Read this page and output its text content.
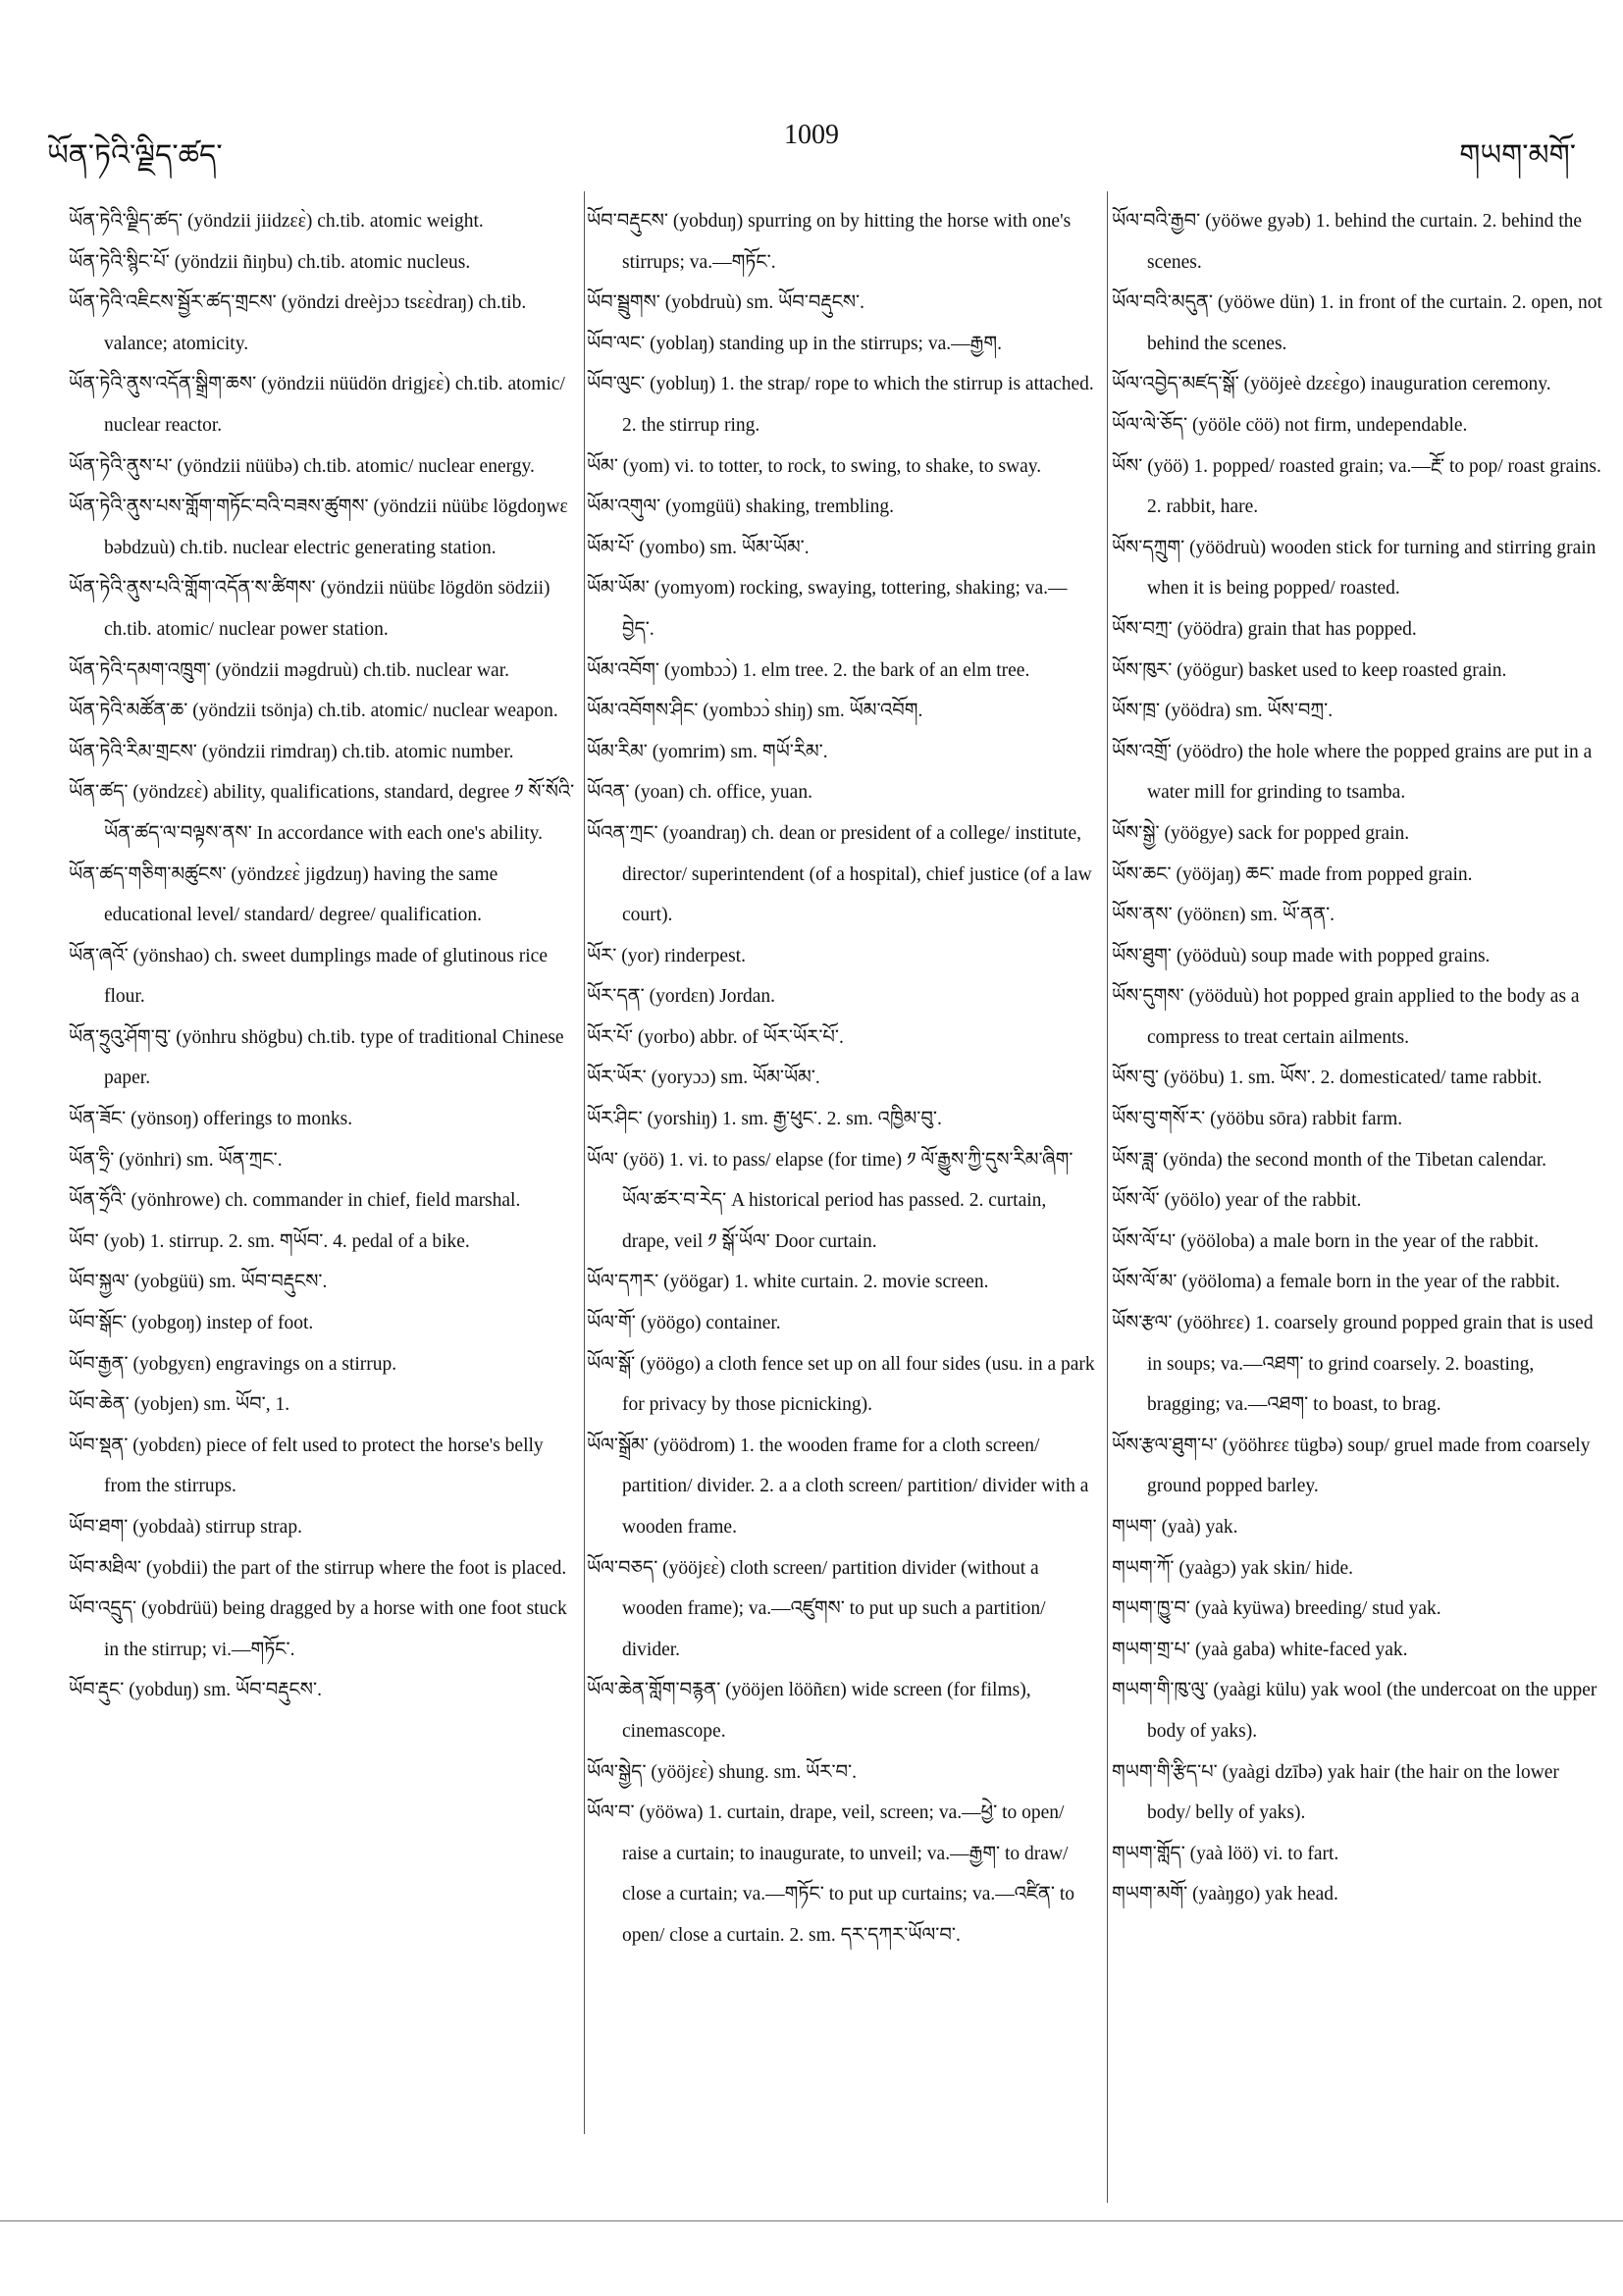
ཡོན་ཏེའི་ལྗིད་ཚད་
1009
གཡག་མགོ་

ཡོན་ཏེའི་ལྗིད་ཚད་ (yöndzii jiidzɛɛ̀) ch.tib. atomic weight.

ཡོན་ཏེའི་སྙིང་པོ་ (yöndzii ñiŋbu) ch.tib. atomic nucleus.

ཡོན་ཏེའི་འཇིངས་སྦྱོར་ཚད་གྲངས་ (yöndzi dreèjɔɔ tsɛɛ̀draŋ) ch.tib. valance; atomicity.

ཡོན་ཏེའི་ནུས་འདོན་སྒྲིག་ཆས་ (yöndzii nüüdön drigjɛɛ̀) ch.tib. atomic/ nuclear reactor.

ཡོན་ཏེའི་ནུས་པ་ (yöndzii nüübə) ch.tib. atomic/ nuclear energy.

ཡོན་ཏེའི་ནུས་པས་གློག་གཏོང་བའི་བཟས་ཚུགས་ (yöndzii nüübɛ lögdoŋwɛ bəbdzuù) ch.tib. nuclear electric generating station.

ཡོན་ཏེའི་ནུས་པའི་གློག་འདོན་ས་ཚིགས་ (yöndzii nüübɛ lögdön södzii) ch.tib. atomic/ nuclear power station.

ཡོན་ཏེའི་དམག་འཁྲུག་ (yöndzii məgdruù) ch.tib. nuclear war.

ཡོན་ཏེའི་མཚོན་ཆ་ (yöndzii tsönja) ch.tib. atomic/ nuclear weapon.

ཡོན་ཏེའི་རིམ་གྲངས་ (yöndzii rimdraŋ) ch.tib. atomic number.

ཡོན་ཚད་ (yöndzɛɛ̀) ability, qualifications, standard, degree ༡ སོ་སོའི་ཡོན་ཚད་ལ་བལྟས་ནས་ In accordance with each one's ability.

ཡོན་ཚད་གཅིག་མཚུངས་ (yöndzɛɛ̀ jigdzuŋ) having the same educational level/ standard/ degree/ qualification.

ཡོན་ཞའོ་ (yönshao) ch. sweet dumplings made of glutinous rice flour.

ཡོན་ཧྲུའུ་ཤོག་བུ་ (yönhru shögbu) ch.tib. type of traditional Chinese paper.

ཡོན་ཟོང་ (yönsoŋ) offerings to monks.

ཡོན་ཧྲི་ (yönhri) sm. ཡོན་ཀྲང་.

ཡོན་ཧྲོའི་ (yönhrowe) ch. commander in chief, field marshal.

ཡོབ་ (yob) 1. stirrup. 2. sm. གཡོབ་. 4. pedal of a bike.

ཡོབ་སྐྱལ་ (yobgüü) sm. ཡོབ་བརྡུངས་.

ཡོབ་སྒོང་ (yobgoŋ) instep of foot.

ཡོབ་རྒྱན་ (yobgyɛn) engravings on a stirrup.

ཡོབ་ཆེན་ (yobjen) sm. ཡོབ་, 1.

ཡོབ་སྡན་ (yobdɛn) piece of felt used to protect the horse's belly from the stirrups.

ཡོབ་ཐག་ (yobdaà) stirrup strap.

ཡོབ་མཐིལ་ (yobdii) the part of the stirrup where the foot is placed.

ཡོབ་འདྲུད་ (yobdrüü) being dragged by a horse with one foot stuck in the stirrup; vi.—གཏོང་.

ཡོབ་རྡུང་ (yobduŋ) sm. ཡོབ་བརྡུངས་.

ཡོབ་བརྡུངས་ (yobduŋ) spurring on by hitting the horse with one's stirrups; va.—གཏོང་.

ཡོབ་སྦྲུགས་ (yobdruù) sm. ཡོབ་བརྡུངས་.

ཡོབ་ལང་ (yoblaŋ) standing up in the stirrups; va.—རྒྱག.

ཡོབ་ལུང་ (yobluŋ) 1. the strap/ rope to which the stirrup is attached. 2. the stirrup ring.

ཡོམ་ (yom) vi. to totter, to rock, to swing, to shake, to sway.

ཡོམ་འགུལ་ (yomgüü) shaking, trembling.

ཡོམ་པོ་ (yombo) sm. ཡོམ་ཡོམ་.

ཡོམ་ཡོམ་ (yomyom) rocking, swaying, tottering, shaking; va.—བྱེད་.

ཡོམ་འབོག་ (yombɔɔ̀) 1. elm tree. 2. the bark of an elm tree.

ཡོམ་འབོགས་ཤིང་ (yombɔɔ̀ shiŋ) sm. ཡོམ་འབོག.

ཡོམ་རིམ་ (yomrim) sm. གཡོ་རིམ་.

ཡོའན་ (yoan) ch. office, yuan.

ཡོའན་ཀྲང་ (yoandraŋ) ch. dean or president of a college/ institute, director/ superintendent (of a hospital), chief justice (of a law court).

ཡོར་ (yor) rinderpest.

ཡོར་དན་ (yordɛn) Jordan.

ཡོར་པོ་ (yorbo) abbr. of ཡོར་ཡོར་པོ་.

ཡོར་ཡོར་ (yoryɔɔ) sm. ཡོམ་ཡོམ་.

ཡོར་ཤིང་ (yorshiŋ) 1. sm. རྒྱ་ཕུང་. 2. sm. འཁྱིམ་བུ་.

ཡོལ་ (yöö) 1. vi. to pass/ elapse (for time) ༡ ལོ་རྒྱུས་ཀྱི་དུས་རིམ་ཞིག་ཡོལ་ཚར་བ་རེད་ A historical period has passed. 2. curtain, drape, veil ༡ སྒོ་ཡོལ་ Door curtain.

ཡོལ་དཀར་ (yöögar) 1. white curtain. 2. movie screen.

ཡོལ་གོ་ (yöögo) container.

ཡོལ་སྒོ་ (yöögo) a cloth fence set up on all four sides (usu. in a park for privacy by those picnicking).

ཡོལ་སྒྲོམ་ (yöödrom) 1. the wooden frame for a cloth screen/ partition/ divider. 2. a a cloth screen/ partition/ divider with a wooden frame.

ཡོལ་བཅད་ (yööjɛɛ̀) cloth screen/ partition divider (without a wooden frame); va.—འཛུགས་ to put up such a partition/ divider.

ཡོལ་ཆེན་གློག་བརྙན་ (yööjen lööñɛn) wide screen (for films), cinemascope.

ཡོལ་སྒྱེད་ (yööjɛɛ̀) shung. sm. ཡོར་བ་.

ཡོལ་བ་ (yööwa) 1. curtain, drape, veil, screen; va.—ཕྱེ་ to open/ raise a curtain; to inaugurate, to unveil; va.—རྒྱག་ to draw/ close a curtain; va.—གཏོང་ to put up curtains; va.—འཛིན་ to open/ close a curtain. 2. sm. དར་དཀར་ཡོལ་བ་.

ཡོལ་བའི་རྒྱབ་ (yööwe gyəb) 1. behind the curtain. 2. behind the scenes.

ཡོལ་བའི་མདུན་ (yööwe dün) 1. in front of the curtain. 2. open, not behind the scenes.

ཡོལ་འབྱེད་མཛད་སྒོ་ (yööjeè dzɛɛ̀go) inauguration ceremony.

ཡོལ་ལེ་ཅོད་ (yööle cöö) not firm, undependable.

ཡོས་ (yöö) 1. popped/ roasted grain; va.—རྔོ་ to pop/ roast grains. 2. rabbit, hare.

ཡོས་དཀྲུག་ (yöödruù) wooden stick for turning and stirring grain when it is being popped/ roasted.

ཡོས་བཀྲ་ (yöödra) grain that has popped.

ཡོས་ཁུར་ (yöögur) basket used to keep roasted grain.

ཡོས་ཁྲ་ (yöödra) sm. ཡོས་བཀྲ་.

ཡོས་འགྲོ་ (yöödro) the hole where the popped grains are put in a water mill for grinding to tsamba.

ཡོས་སྒྱེ་ (yöögye) sack for popped grain.

ཡོས་ཆང་ (yööjaŋ) ཆང་ made from popped grain.

ཡོས་ནས་ (yöönɛn) sm. ཡོ་ནན་.

ཡོས་ཐུག་ (yööduù) soup made with popped grains.

ཡོས་དུགས་ (yööduù) hot popped grain applied to the body as a compress to treat certain ailments.

ཡོས་བུ་ (yööbu) 1. sm. ཡོས་. 2. domesticated/ tame rabbit.

ཡོས་བུ་གསོ་ར་ (yööbu sōra) rabbit farm.

ཡོས་ཟླ་ (yönda) the second month of the Tibetan calendar.

ཡོས་ལོ་ (yöölo) year of the rabbit.

ཡོས་ལོ་པ་ (yööloba) a male born in the year of the rabbit.

ཡོས་ལོ་མ་ (yööloma) a female born in the year of the rabbit.

ཡོས་རྩལ་ (yööhrɛɛ) 1. coarsely ground popped grain that is used in soups; va.—འཐག་ to grind coarsely. 2. boasting, bragging; va.—འཐག་ to boast, to brag.

ཡོས་རྩལ་ཐུག་པ་ (yööhrɛɛ tügbə) soup/ gruel made from coarsely ground popped barley.

གཡག་ (yaà) yak.

གཡག་ཀོ་ (yaàgɔ) yak skin/ hide.

གཡག་ཁྱུ་བ་ (yaà kyüwa) breeding/ stud yak.

གཡག་གྲ་པ་ (yaà gaba) white-faced yak.

གཡག་གི་ཁུ་ལུ་ (yaàgi külu) yak wool (the undercoat on the upper body of yaks).

གཡག་གི་རྩིད་པ་ (yaàgi dzībə) yak hair (the hair on the lower body/ belly of yaks).

གཡག་གློད་ (yaà löö) vi. to fart.

གཡག་མགོ་ (yaàŋgo) yak head.
